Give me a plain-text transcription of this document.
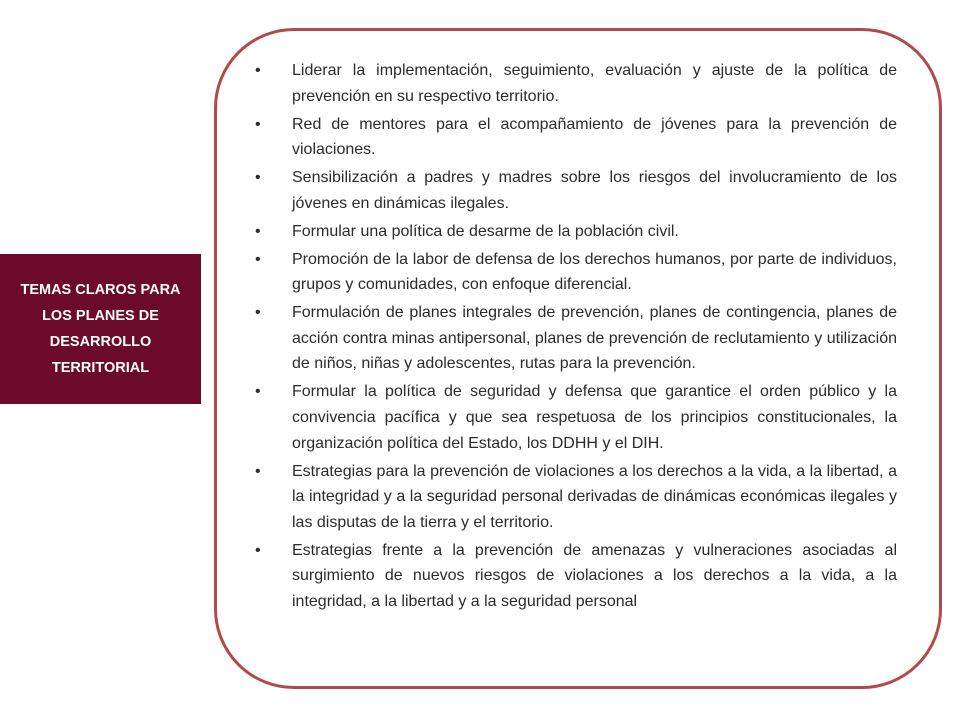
TEMAS CLAROS PARA LOS PLANES DE DESARROLLO TERRITORIAL
•	Liderar la implementación, seguimiento, evaluación y ajuste de la política de prevención en su respectivo territorio.
•	Red de mentores para el acompañamiento de jóvenes para la prevención de violaciones.
•	Sensibilización a padres y madres sobre los riesgos del involucramiento de los jóvenes en dinámicas ilegales.
•	Formular una política de desarme de la población civil.
•	Promoción de la labor de defensa de los derechos humanos, por parte de individuos, grupos y comunidades, con enfoque diferencial.
•	Formulación de planes integrales de prevención, planes de contingencia, planes de acción contra minas antipersonal, planes de prevención de reclutamiento y utilización de niños, niñas y adolescentes, rutas para la prevención.
•	Formular la política de seguridad y defensa que garantice el orden público y la convivencia pacífica y que sea respetuosa de los principios constitucionales, la organización política del Estado, los DDHH y el DIH.
•	Estrategias para la prevención de violaciones a los derechos a la vida, a la libertad, a la integridad y a la seguridad personal derivadas de dinámicas económicas ilegales y las disputas de la tierra y el territorio.
•	Estrategias frente a la prevención de amenazas y vulneraciones asociadas al surgimiento de nuevos riesgos de violaciones a los derechos a la vida, a la integridad, a la libertad y a la seguridad personal
